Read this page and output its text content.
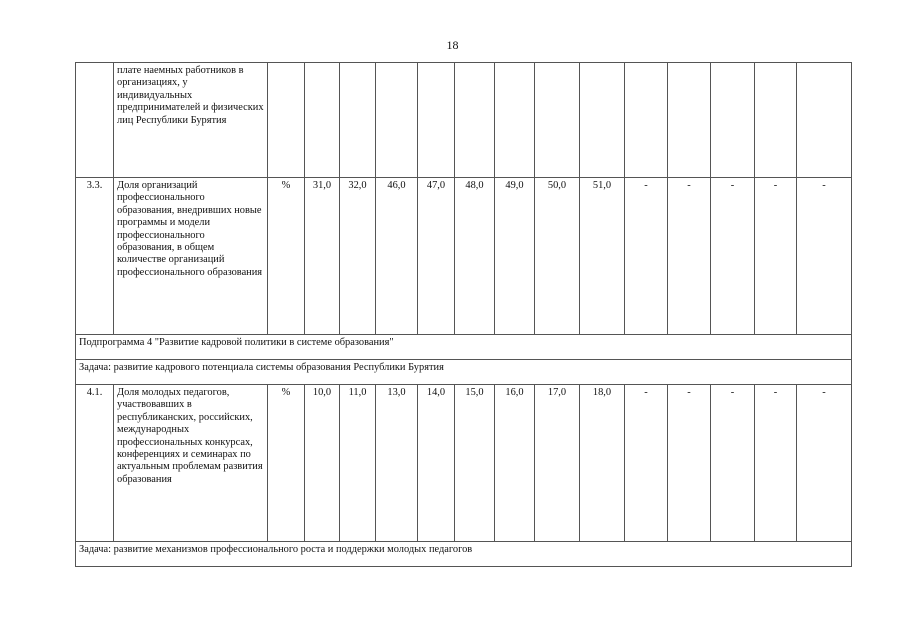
18
	плате наемных работников в организациях, у индивидуальных предпринимателей и физических лиц Республики Бурятия														
3.3.	Доля организаций профессионального образования, внедривших новые программы и модели профессионального образования, в общем количестве организаций профессионального образования	%	31,0	32,0	46,0	47,0	48,0	49,0	50,0	51,0	-	-	-	-	-
Подпрограмма 4 "Развитие кадровой политики в системе образования"															
Задача: развитие кадрового потенциала системы образования Республики Бурятия															
4.1.	Доля молодых педагогов, участвовавших в республиканских, российских, международных профессиональных конкурсах, конференциях и семинарах по актуальным проблемам развития образования	%	10,0	11,0	13,0	14,0	15,0	16,0	17,0	18,0	-	-	-	-	-
Задача: развитие механизмов профессионального роста и поддержки молодых педагогов															
